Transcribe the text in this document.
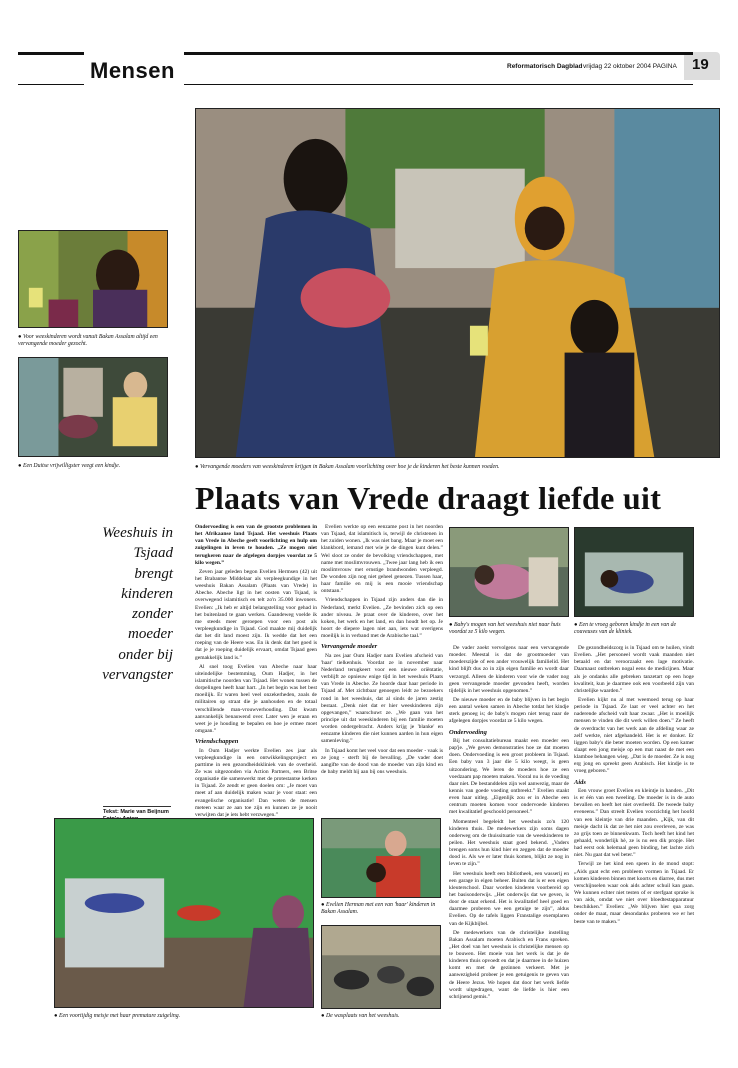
Mensen	Reformatorisch Dagblad vrijdag 22 oktober 2004 PAGINA 19
● Voor weeskinderen wordt vanuit Bakan Assalam altijd een vervangende moeder gezocht.
● Een Duitse vrijwilligster veegt een kindje.	● Vervangende moeders van weeskinderen krijgen in Bakan Assalam voorlichting over hoe je de kinderen het beste kunnen voeden.
Plaats van Vrede draagt liefde uit
Weeshuis in Tsjaad brengt kinderen zonder moeder onder bij vervangster
Tekst: Marie van Beijnum

Ondervoeding is een van de grootste problemen in het Afrikaanse land Tsjaad. Het weeshuis Plaats van Vrede in Abeche geeft voorlichting en hulp om zuigelingen in leven te houden. „Ze mogen niet terugkeren naar de afgelegen dorpjes voordat ze 5 kilo wegen.”

Zeven jaar geleden begon Evelien Hermsen (42) uit het Brabantse Middelaar als verpleegkundige in het weeshuis Bakan Assalam (Plaats van Vrede) in Abeche. Abeche ligt in het oosten van Tsjaad, is overwegend islamitisch en telt zo'n 35.000 inwoners. Evelien: „Ik heb er altijd belangstelling voor gehad in het buitenland te gaan werken. Gaandeweg voelde ik me steeds meer geroepen voor een post als verpleegkundige in Tsjaad. God maakte mij duidelijk dat het dit land moest zijn. Ik wedde dat het een roeping van de Heere was. En ik denk dat het goed is dat je je roeping duidelijk ervaart, omdat Tsjaad geen gemakkelijk land is.”

Al snel toog Evelien van Abeche naar haar uiteindelijke bestemming, Oum Hadjer, in het islamitische noorden van Tsjaad. Het wonen tussen de dorpelingen heeft haar hart. „In het begin was het best moeilijk. Er waren heel veel onzekerheden, zoals de militairen op straat die je aanhouden en de totaal verschillende man-vrouwverhouding. Dat kwam aanvankelijk benauwend over. Later wen je eraan en weet je je houding te bepalen en hoe je ermee moet omgaan.”

Vriendschappen

In Oum Hadjer werkte Evelien zes jaar als verpleegkundige in een ontwikkelingsproject en parttime in een gezondheidskliniek van de overheid. Ze was uitgezonden via Action Partners, een Britse organisatie die samenwerkt met de protestantse kerken in Tsjaad. Ze zendt er geen doelen om: „Je moet van meet af aan duidelijk maken waar je voor staat: een evangelische organisatie! Dan weten de mensen meteen waar ze aan toe zijn en kunnen ze je nooit verwijten dat je iets hebt verzwegen.”

Evelien werkte op een eenzame post in het noorden van Tsjaad, dat islamitisch is, terwijl de christenen in het zuiden wonen. „Ik was niet bang. Maar je moet een klankbord, iemand met wie je de dingen kunt delen.” Wel sloot ze onder de bevolking vriendschappen, met name met moslimvrouwen. „Twee jaar lang heb ik een moslimvrouw met ernstige brandwonden verpleegd. De wonden zijn nog niet geheel genezen. Tussen haar, haar familie en mij is een mooie vriendschap ontstaan.”

Vriendschappen in Tsjaad zijn anders dan die in Nederland, merkt Evelien. „Ze bevinden zich op een ander niveau. Je praat over de kinderen, over het koken, het werk en het land, en dan houdt het op. Je hoort de diepere lagen niet aan, iets wat overigens moeilijk is in verband met de Arabische taal.”

Vervangende moeder

Na zes jaar Oum Hadjer nam Evelien afscheid van 'haar' tielkenhuis. Voordat ze in november naar Nederland terugkeert voor een nieuwe oriëntatie, verblijft ze opnieuw enige tijd in het weeshuis Plaats van Vrede in Abeche. Ze hoorde daar haar periode in Tsjaad af. Met zichtbaar genoegen leidt ze bezoekers rond in het weeshuis, dat al sinds de jaren zestig bestaat. „Denk niet dat er hier weeskinderen zijn opgevangen,” waarschuwt ze. „We gaan van het principe uit dat weeskinderen bij een familie moeten worden ondergebracht. Anders krijg je 'blanke' en eenzame kinderen die niet kunnen aarden in hun eigen samenleving.”

In Tsjaad komt het veel voor dat een moeder - vaak is ze jong - sterft bij de bevalling. „De vader doet aangifte van de dood van de moeder van zijn kind en de baby meldt hij aan bij ons weeshuis.

● Baby's mogen van het weeshuis niet naar huis voordat ze 5 kilo wegen.
● Een te vroeg geboren kindje in een van de couveuses van de kliniek.

De vader zoekt vervolgens naar een vervangende moeder. Meestal is dat de grootmoeder van moederszijde of een ander vrouwelijk familielid. Het kind blijft dus zo in zijn eigen familie en wordt daar verzorgd. Alleen de kinderen voor wie de vader nog geen vervangende moeder gevonden heeft, worden tijdelijk in het weeshuis opgenomen.”

De nieuwe moeder en de baby blijven in het begin een aantal weken samen in Abeche totdat het kindje sterk genoeg is; de baby's mogen niet terug naar de afgelegen dorpjes voordat ze 5 kilo wegen.

Ondervoeding

Bij het consultatiebureau maakt een moeder een pap'je. „We geven demonstraties hoe ze dat moeten doen. Ondervoeding is een groot probleem in Tsjaad. Een baby van 3 jaar die 5 kilo weegt, is geen uitzondering. We leren de moeders hoe ze een voedzaam pap moeten maken. Vooral nu is de voeding daar niet. De bestanddelen zijn wel aanwezig, maar de kennis van goede voeding ontbreekt.” Evelien staakt even haar uitleg. „Eigenlijk zou er in Abeche een centrum moeten komen voor ondervoede kinderen met kwalitatief geschoold personeel.”

Momenteel begeleidt het weeshuis zo'n 120 kinderen thuis. De medewerkers zijn soms dagen onderweg om de thuissituatie van de weeskinderen te peilen. Het weeshuis staat goed bekend. „Vaders brengen soms hun kind hier en zeggen dat de moeder dood is. Als we er later thuis komen, blijkt ze nog in leven te zijn.”

Het weeshuis heeft een bibliotheek, een wasserij en een garage in eigen beheer. Buiten dat is er een eigen kleuterschool. Daar worden kinderen voorbereid op het basisonderwijs. „Het onderwijs dat we geven, is door de staat erkend. Het is kwalitatief heel goed en daarmee proberen we een getuige te zijn”, aldus Evelien. Op de tafels liggen Franstalige exemplaren van de Kijkbijbel.

De medewerkers van de christelijke instelling Bakan Assalam moeten Arabisch en Frans spreken. „Het doel van het weeshuis is christelijke mensen op te bouwen. Het moeie van het werk is dat je de kinderen thuis opvoedt en dat je daarmee in de huizen komt en met de gezinnen verkeert. Met je aanwezigheid probeer je een getuigenis te geven van de Heere Jezus. We hopen dat door het werk liefde wordt uitgedragen, want de liefde is hier een schrijnend gemis.”

De gezondheidszorg is in Tsjaad om te huilen, vindt Evelien. „Het personeel wordt vaak maanden niet betaald en dat veroorzaakt een lage motivatie. Daarnaast ontbreken nogal eens de medicijnen. Maar als je ondanks alle gebreken tanzetart op een hoge kwaliteit, kun je daarmee ook een voorbeeld zijn van christelijke waarden.”

Evelien kijkt nu al met weemoed terug op haar periode in Tsjaad. Ze laat er veel achter en het naderende afscheid valt haar zwaar. „Het is moeilijk mensen te vinden die dit werk willen doen.” Ze heeft de overdracht van het werk aan de afdeling waar ze zelf werkte, niet afgehandeld. Het is er donker. Er liggen baby's die beter moeten worden. Op een kamer slaapt een jong meisje op een mat naast de met een klamboe behangen wieg. „Dat is de moeder. Ze is nog erg jong en spreekt geen Arabisch. Het kindje is te vroeg geboren.”

Aids

Een vrouw groet Evelien en kleintje in handen. „Dit is er één van een tweeling. De moeder is in de auto bevallen en heeft het niet overleefd. De tweede baby eveneens.” Dan streelt Evelien voorzichtig het hoofd van een kleintje van drie maanden. „Kijk, van dit meisje dacht ik dat ze het niet zou overleven, ze was zo grijs toen ze binnenkwam. Toch heeft het kind het gehaald, wonderlijk hè, ze is nu een dik propje. Het had eerst ook helemaal geen binding, het lachte zich niet. Nu gaat dat wel beter.”

Terwijl ze het kind een speen in de mond stopt: „Aids gaat echt een probleem vormen in Tsjaad. Er komen kinderen binnen met koorts en diarree, dus met verschijnselen waar ook aids achter schuil kan gaan. We kunnen echter niet testen of er sterfgaat sprake is van aids, omdat we niet over bloedtestapparatuur beschikken.” Evelien: „We blijven hier qua zorg onder de maat, maar desondanks proberen we er het beste van te maken.”

● Een voortijdig meisje met haar premature zuigeling.
● Evelien Herman met een van 'haar' kinderen in Bakan Assalam.
● De wasplaats van het weeshuis.
